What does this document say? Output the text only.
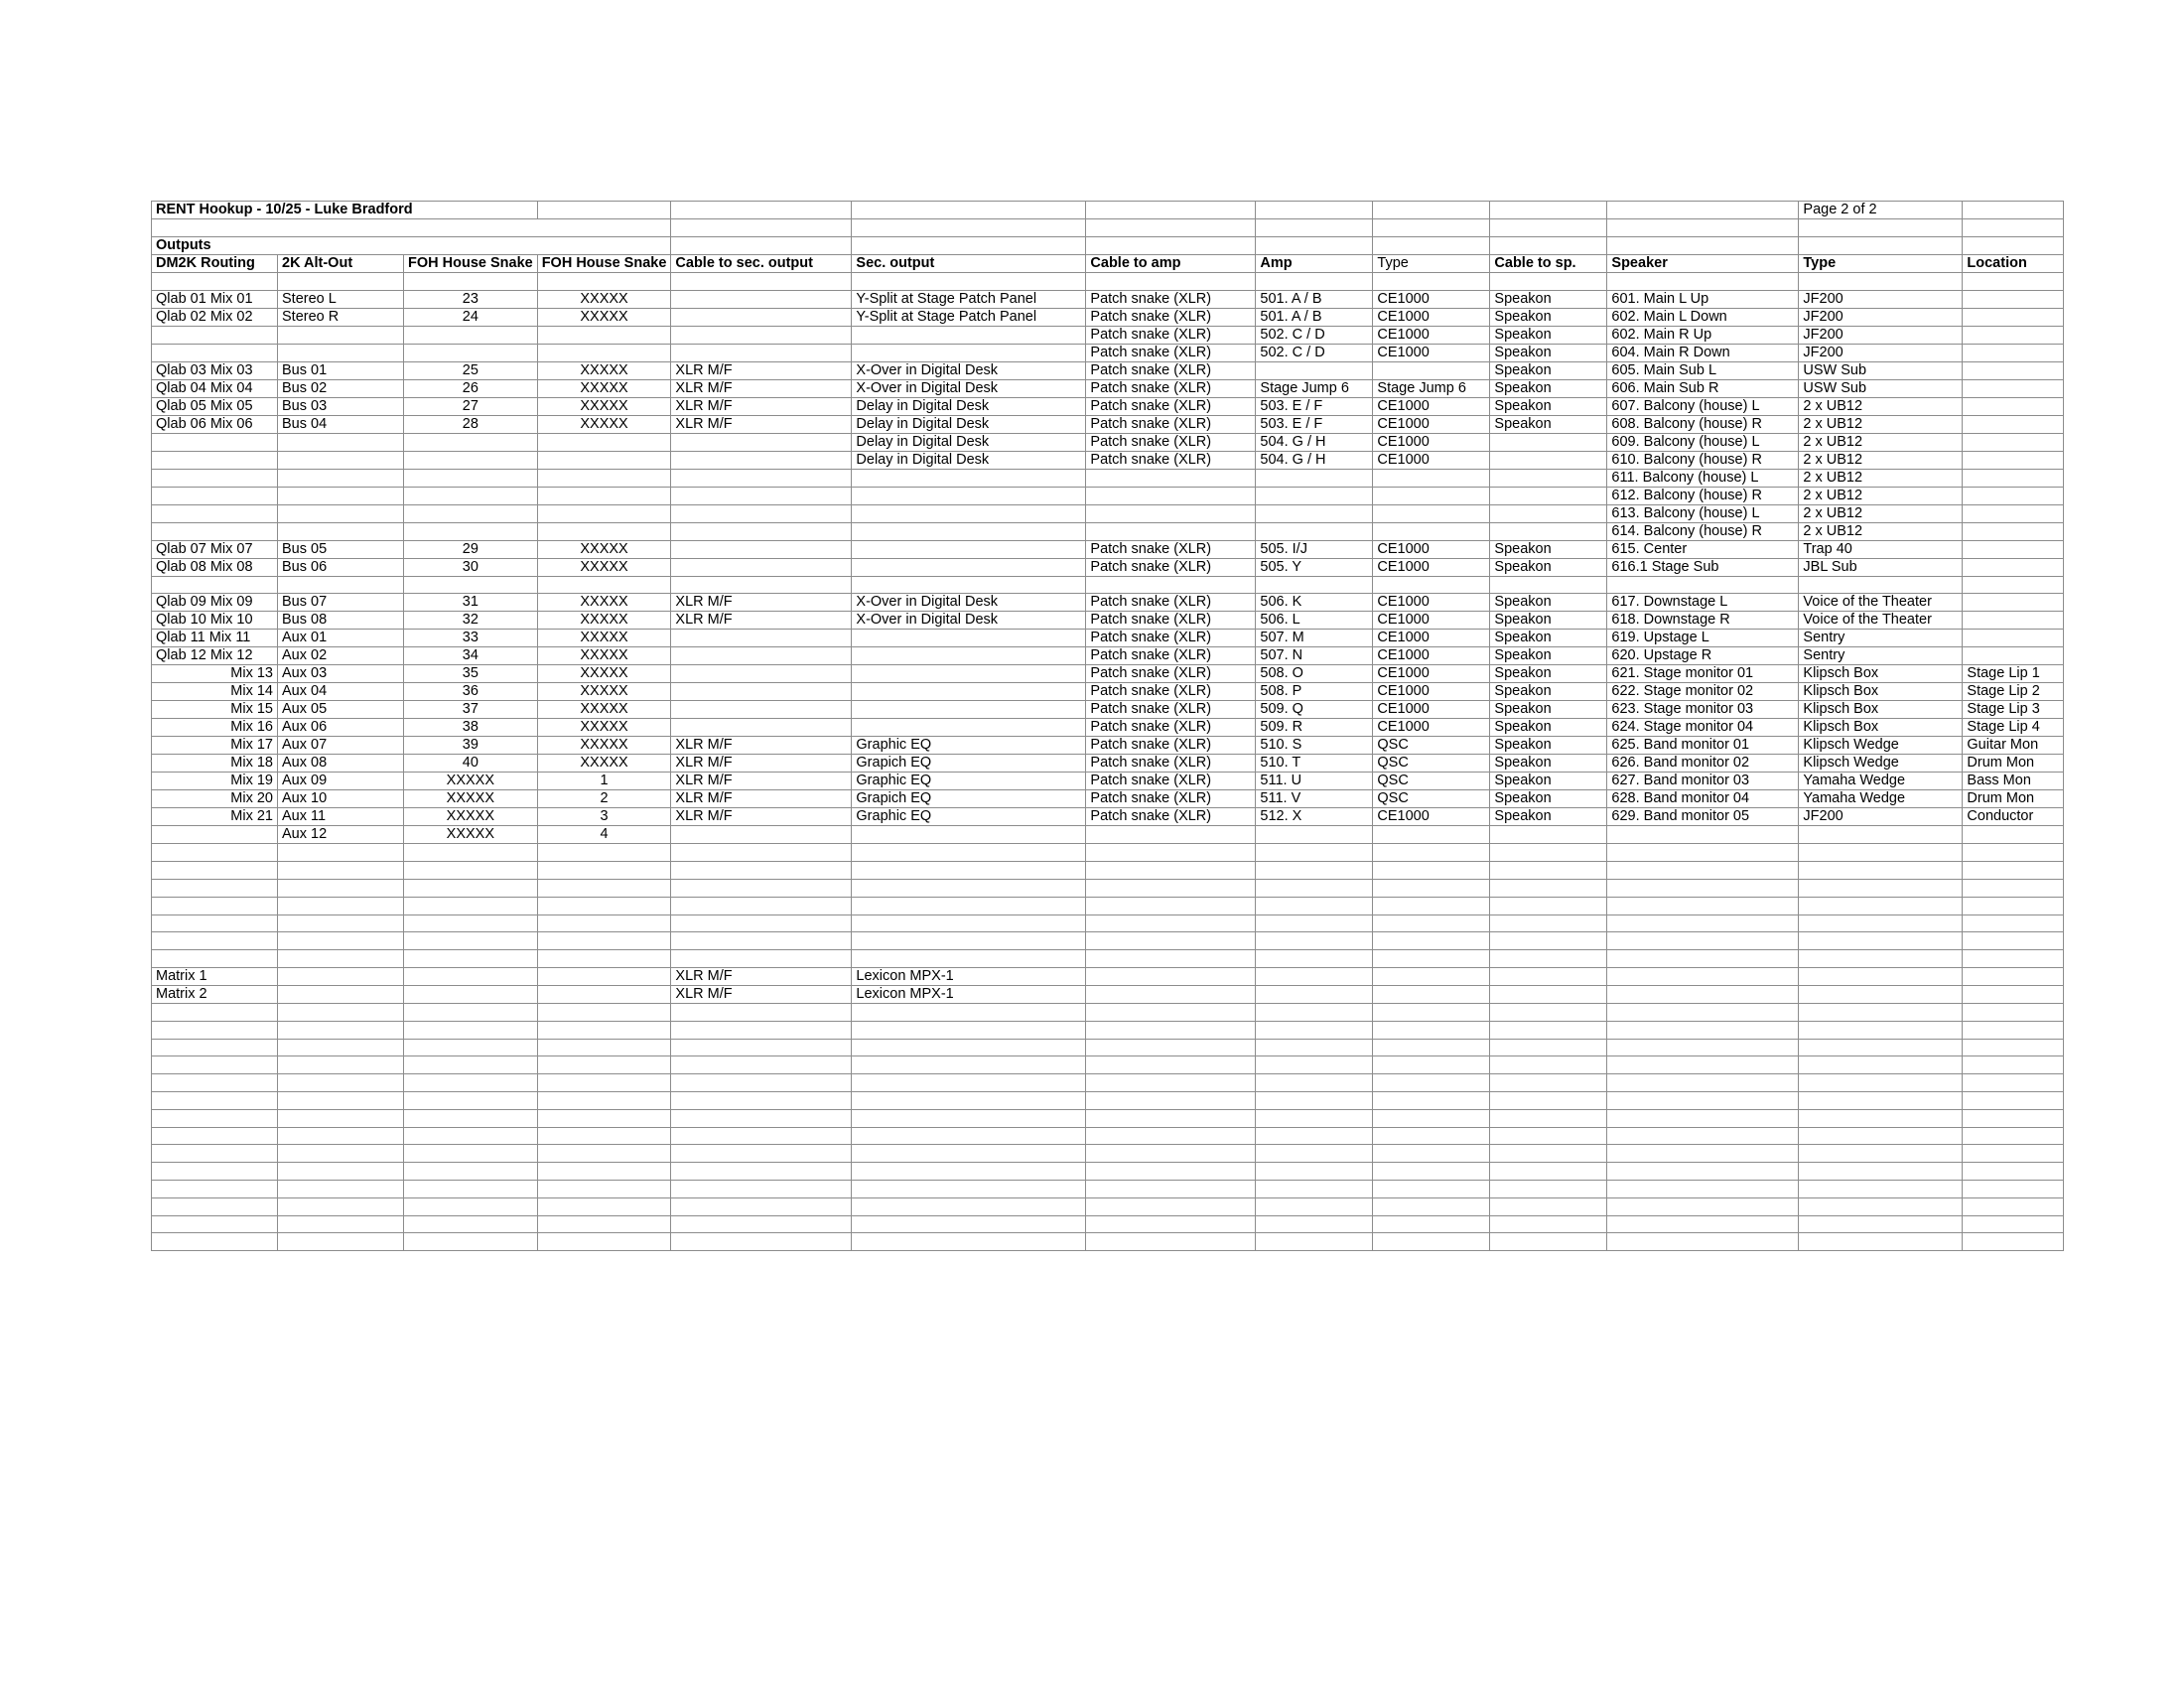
RENT Hookup - 10/25 - Luke Bradford											Page 2 of 2	

Outputs												
DM2K Routing	2K Alt-Out	FOH House Snake	FOH House Snake	Cable to sec. output	Sec. output	Cable to amp	Amp	Type	Cable to sp.	Speaker	Type	Location

Qlab 01 Mix 01	Stereo L	23	XXXXX		Y-Split at Stage Patch Panel	Patch snake (XLR)	501. A / B	CE1000	Speakon	601. Main L Up	JF200	
Qlab 02 Mix 02	Stereo R	24	XXXXX		Y-Split at Stage Patch Panel	Patch snake (XLR)	501. A / B	CE1000	Speakon	602. Main L Down	JF200	
						Patch snake (XLR)	502. C / D	CE1000	Speakon	602. Main R Up	JF200	
						Patch snake (XLR)	502. C / D	CE1000	Speakon	604. Main R Down	JF200	
Qlab 03 Mix 03	Bus 01	25	XXXXX	XLR M/F	X-Over in Digital Desk	Patch snake (XLR)			Speakon	605. Main Sub L	USW Sub	
Qlab 04 Mix 04	Bus 02	26	XXXXX	XLR M/F	X-Over in Digital Desk	Patch snake (XLR)	Stage Jump 6	Stage Jump 6	Speakon	606. Main Sub R	USW Sub	
Qlab 05 Mix 05	Bus 03	27	XXXXX	XLR M/F	Delay in Digital Desk	Patch snake (XLR)	503. E / F	CE1000	Speakon	607. Balcony (house) L	2 x UB12	
Qlab 06 Mix 06	Bus 04	28	XXXXX	XLR M/F	Delay in Digital Desk	Patch snake (XLR)	503. E / F	CE1000	Speakon	608. Balcony (house) R	2 x UB12	
					Delay in Digital Desk	Patch snake (XLR)	504. G / H	CE1000		609. Balcony (house) L	2 x UB12	
					Delay in Digital Desk	Patch snake (XLR)	504. G / H	CE1000		610. Balcony (house) R	2 x UB12	
										611. Balcony (house) L	2 x UB12	
										612. Balcony (house) R	2 x UB12	
										613. Balcony (house) L	2 x UB12	
										614. Balcony (house) R	2 x UB12	
Qlab 07 Mix 07	Bus 05	29	XXXXX			Patch snake (XLR)	505. I/J	CE1000	Speakon	615. Center	Trap 40	
Qlab 08 Mix 08	Bus 06	30	XXXXX			Patch snake (XLR)	505. Y	CE1000	Speakon	616.1 Stage Sub	JBL Sub	

Qlab 09 Mix 09	Bus 07	31	XXXXX	XLR M/F	X-Over in Digital Desk	Patch snake (XLR)	506. K	CE1000	Speakon	617. Downstage L	Voice of the Theater	
Qlab 10 Mix 10	Bus 08	32	XXXXX	XLR M/F	X-Over in Digital Desk	Patch snake (XLR)	506. L	CE1000	Speakon	618. Downstage R	Voice of the Theater	
Qlab 11 Mix 11	Aux 01	33	XXXXX			Patch snake (XLR)	507. M	CE1000	Speakon	619. Upstage L	Sentry	
Qlab 12 Mix 12	Aux 02	34	XXXXX			Patch snake (XLR)	507. N	CE1000	Speakon	620. Upstage R	Sentry	
Mix 13	Aux 03	35	XXXXX			Patch snake (XLR)	508. O	CE1000	Speakon	621. Stage monitor 01	Klipsch Box	Stage Lip 1
Mix 14	Aux 04	36	XXXXX			Patch snake (XLR)	508. P	CE1000	Speakon	622. Stage monitor 02	Klipsch Box	Stage Lip 2
Mix 15	Aux 05	37	XXXXX			Patch snake (XLR)	509. Q	CE1000	Speakon	623. Stage monitor 03	Klipsch Box	Stage Lip 3
Mix 16	Aux 06	38	XXXXX			Patch snake (XLR)	509. R	CE1000	Speakon	624. Stage monitor 04	Klipsch Box	Stage Lip 4
Mix 17	Aux 07	39	XXXXX	XLR M/F	Graphic EQ	Patch snake (XLR)	510. S	QSC	Speakon	625. Band monitor 01	Klipsch Wedge	Guitar Mon
Mix 18	Aux 08	40	XXXXX	XLR M/F	Grapich EQ	Patch snake (XLR)	510. T	QSC	Speakon	626. Band monitor 02	Klipsch Wedge	Drum Mon
Mix 19	Aux 09	XXXXX	1	XLR M/F	Graphic EQ	Patch snake (XLR)	511. U	QSC	Speakon	627. Band monitor 03	Yamaha Wedge	Bass Mon
Mix 20	Aux 10	XXXXX	2	XLR M/F	Grapich EQ	Patch snake (XLR)	511. V	QSC	Speakon	628. Band monitor 04	Yamaha Wedge	Drum Mon
Mix 21	Aux 11	XXXXX	3	XLR M/F	Graphic EQ	Patch snake (XLR)	512. X	CE1000	Speakon	629. Band monitor 05	JF200	Conductor
	Aux 12	XXXXX	4									

Matrix 1				XLR M/F	Lexicon MPX-1							
Matrix 2				XLR M/F	Lexicon MPX-1							
